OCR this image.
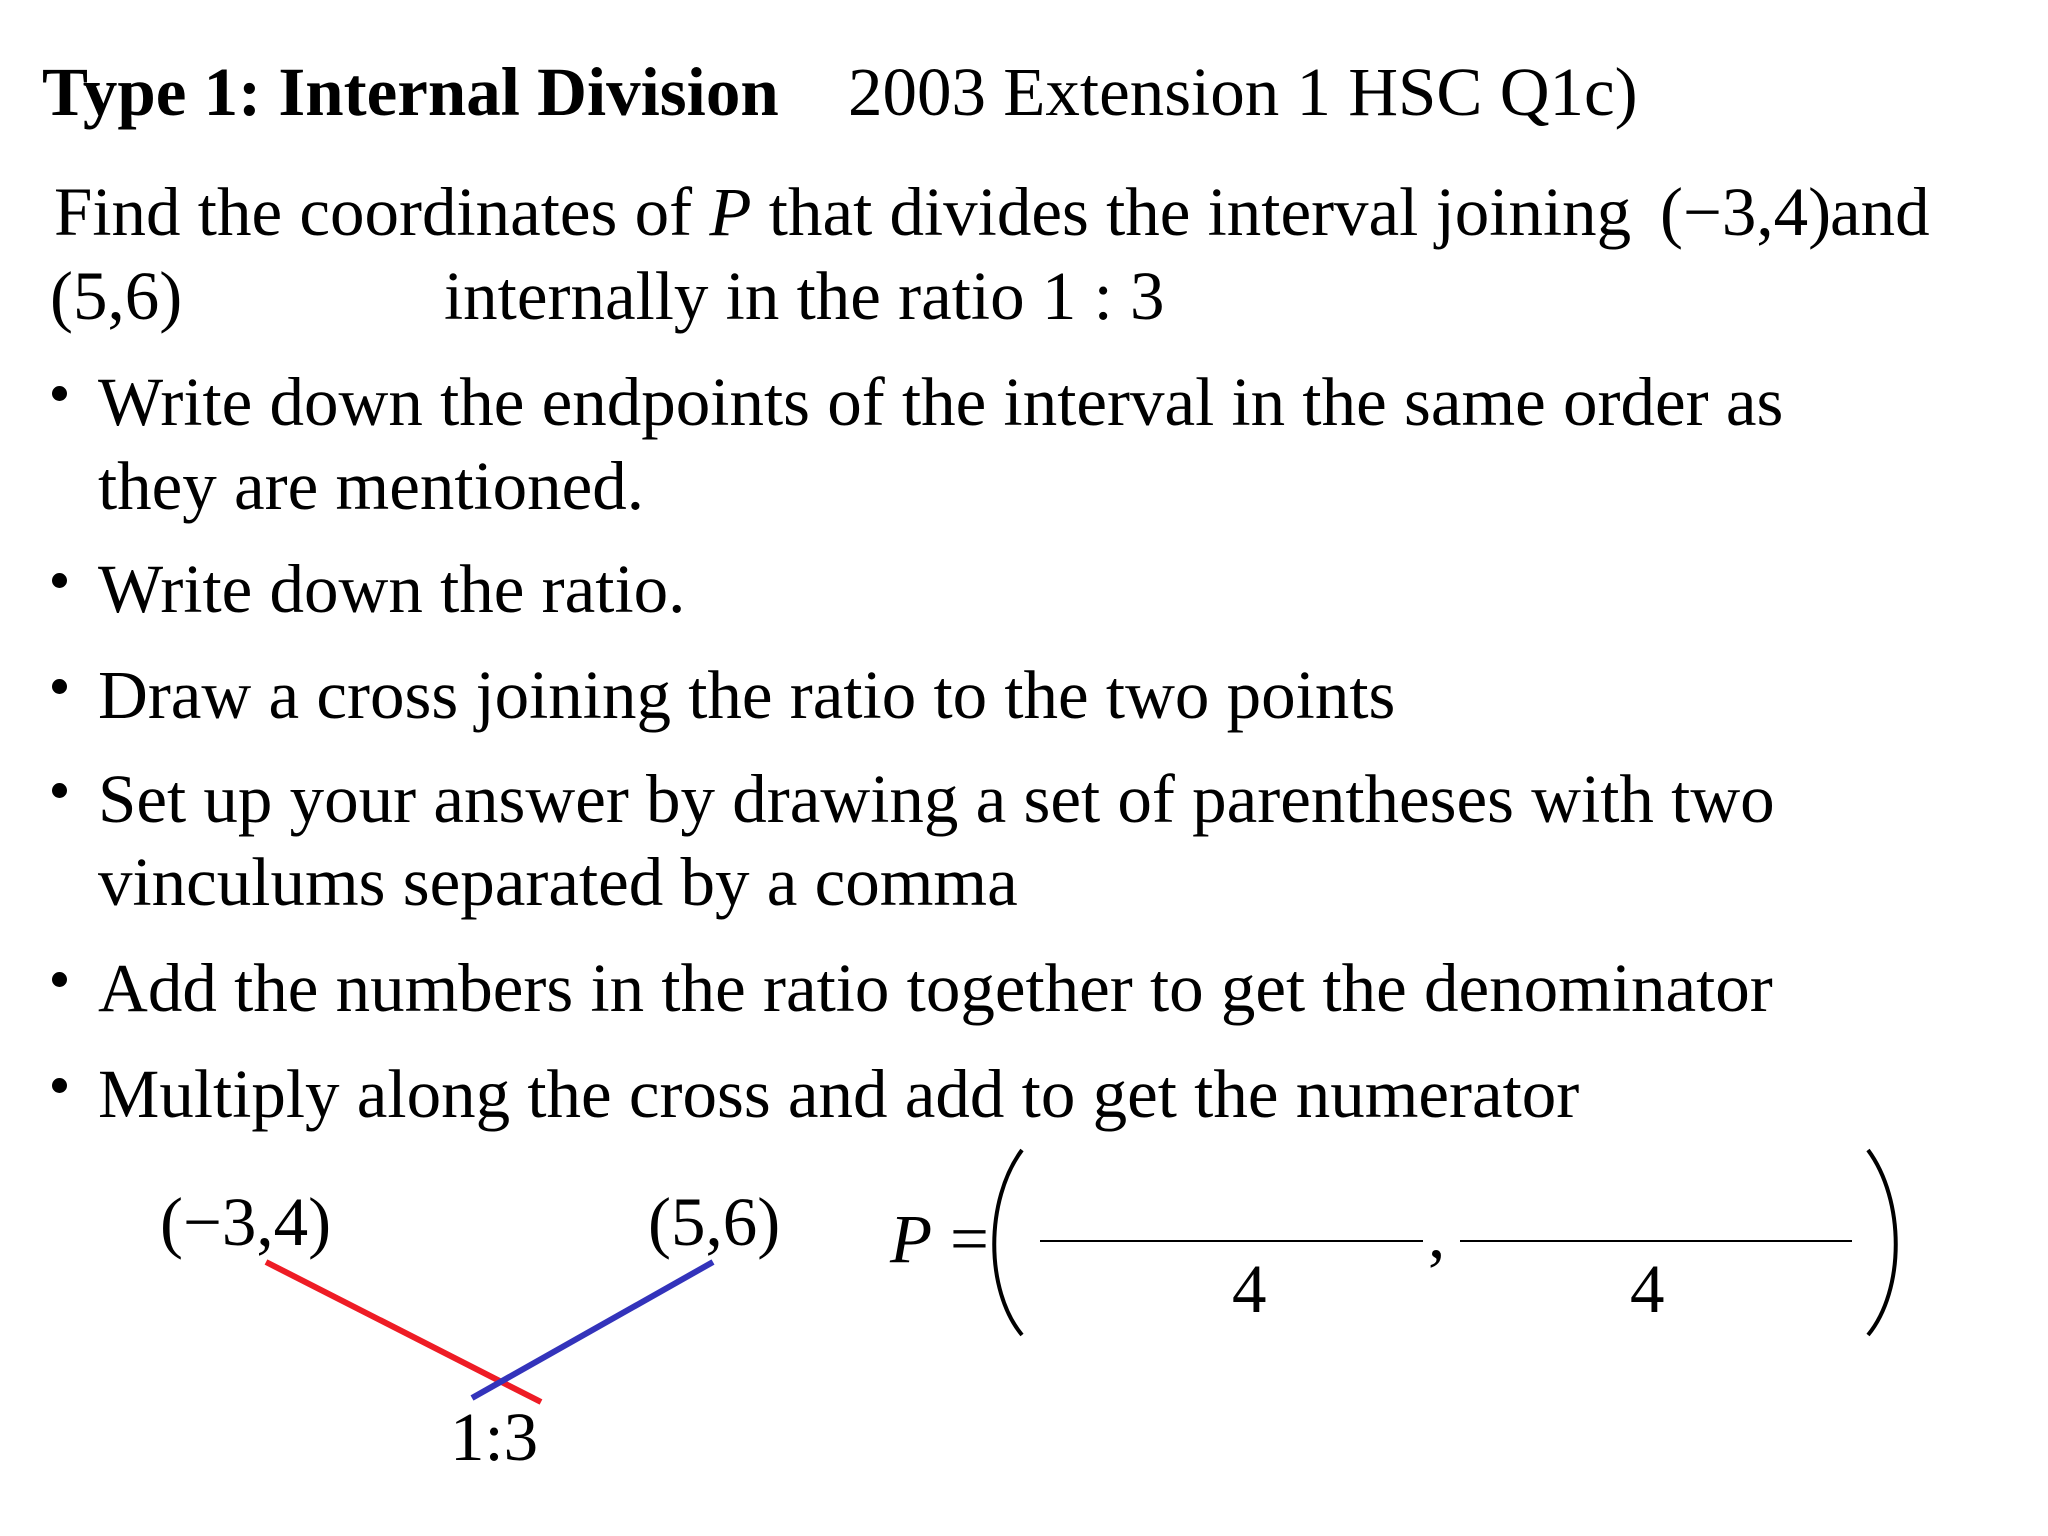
Type 1: Internal Division 2003 Extension 1 HSC Q1c)
Find the coordinates of P that divides the interval joining (−3,4)
and
(5,6)	internally in the ratio 1 : 3
Write down the endpoints of the interval in the same order as
they are mentioned.
Write down the ratio.
Draw a cross joining the ratio to the two points
Set up your answer by drawing a set of parentheses with two
vinculums separated by a comma
Add the numbers in the ratio together to get the denominator
Multiply along the cross and add to get the numerator
(−3,4)	(5,6)
1:3
P =	,
4	4
